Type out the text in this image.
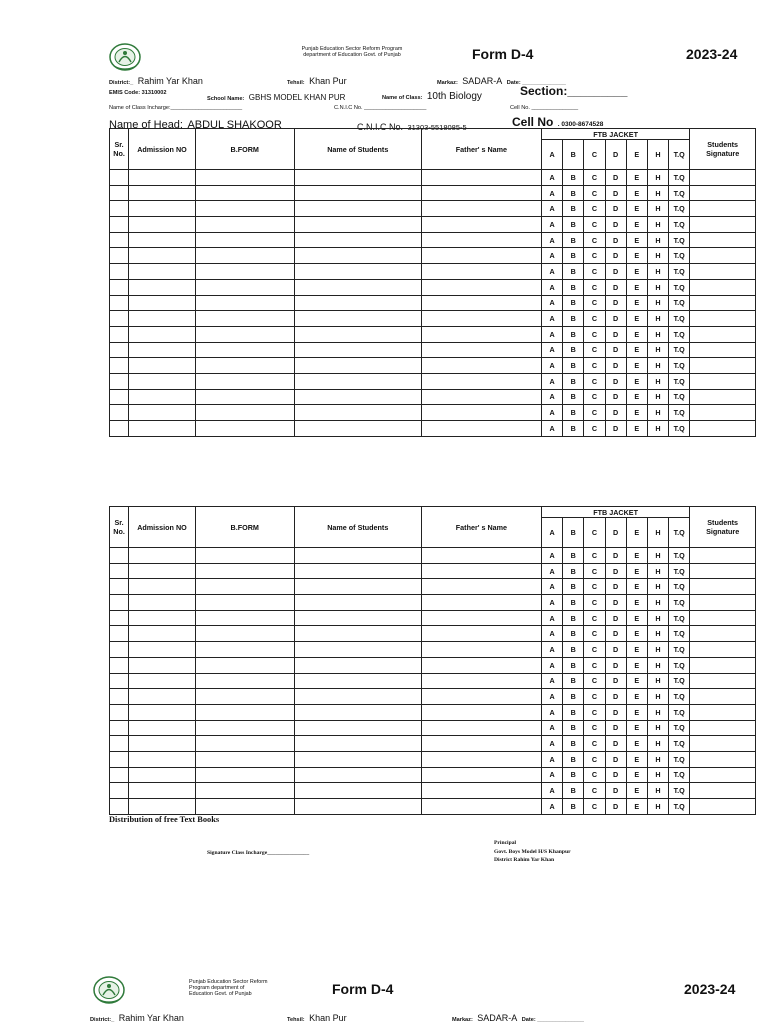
Punjab Education Sector Reform Program
department of Education Govt. of Punjab	Form D-4	2023-24
District:_ Rahim Yar Khan	Tehsil: Khan Pur	Markaz: SADAR-A Date: ______________
EMIS Code: 31310002
School Name: GBHS MODEL KHAN PUR	Name of Class: 10th Biology	Section:_________
Name of Class Incharge:_______________________	C.N.I.C No. ____________________	Cell No. _______________
Name of Head: ABDUL SHAKOOR	C.N.I.C No. 31303-5518085-5	Cell No . 0300-8674528
Sr. No.	Admission NO	B.FORM	Name of Students	Father' s Name	FTB JACKET							Students Signature
					A	B	C	D	E	H	T.Q	
					A	B	C	D	E	H	T.Q	
					A	B	C	D	E	H	T.Q	
					A	B	C	D	E	H	T.Q	
					A	B	C	D	E	H	T.Q	
					A	B	C	D	E	H	T.Q	
					A	B	C	D	E	H	T.Q	
					A	B	C	D	E	H	T.Q	
					A	B	C	D	E	H	T.Q	
					A	B	C	D	E	H	T.Q	
					A	B	C	D	E	H	T.Q	
					A	B	C	D	E	H	T.Q	
					A	B	C	D	E	H	T.Q	
					A	B	C	D	E	H	T.Q	
					A	B	C	D	E	H	T.Q	
					A	B	C	D	E	H	T.Q	
					A	B	C	D	E	H	T.Q	
					A	B	C	D	E	H	T.Q	
Sr. No.	Admission NO	B.FORM	Name of Students	Father' s Name	FTB JACKET							Students Signature
					A	B	C	D	E	H	T.Q	
					A	B	C	D	E	H	T.Q	
					A	B	C	D	E	H	T.Q	
					A	B	C	D	E	H	T.Q	
					A	B	C	D	E	H	T.Q	
					A	B	C	D	E	H	T.Q	
					A	B	C	D	E	H	T.Q	
					A	B	C	D	E	H	T.Q	
					A	B	C	D	E	H	T.Q	
					A	B	C	D	E	H	T.Q	
					A	B	C	D	E	H	T.Q	
					A	B	C	D	E	H	T.Q	
					A	B	C	D	E	H	T.Q	
					A	B	C	D	E	H	T.Q	
					A	B	C	D	E	H	T.Q	
					A	B	C	D	E	H	T.Q	
					A	B	C	D	E	H	T.Q	
					A	B	C	D	E	H	T.Q	
Distribution of free Text Books
Signature Class Incharge_______________
Principal
Govt. Boys Model H/S Khanpur
District Rahim Yar Khan
Punjab Education Sector Reform
Program department of
Education Govt. of Punjab	Form D-4	2023-24
District:_ Rahim Yar Khan	Tehsil: Khan Pur	Markaz: SADAR-A Date: _______________
